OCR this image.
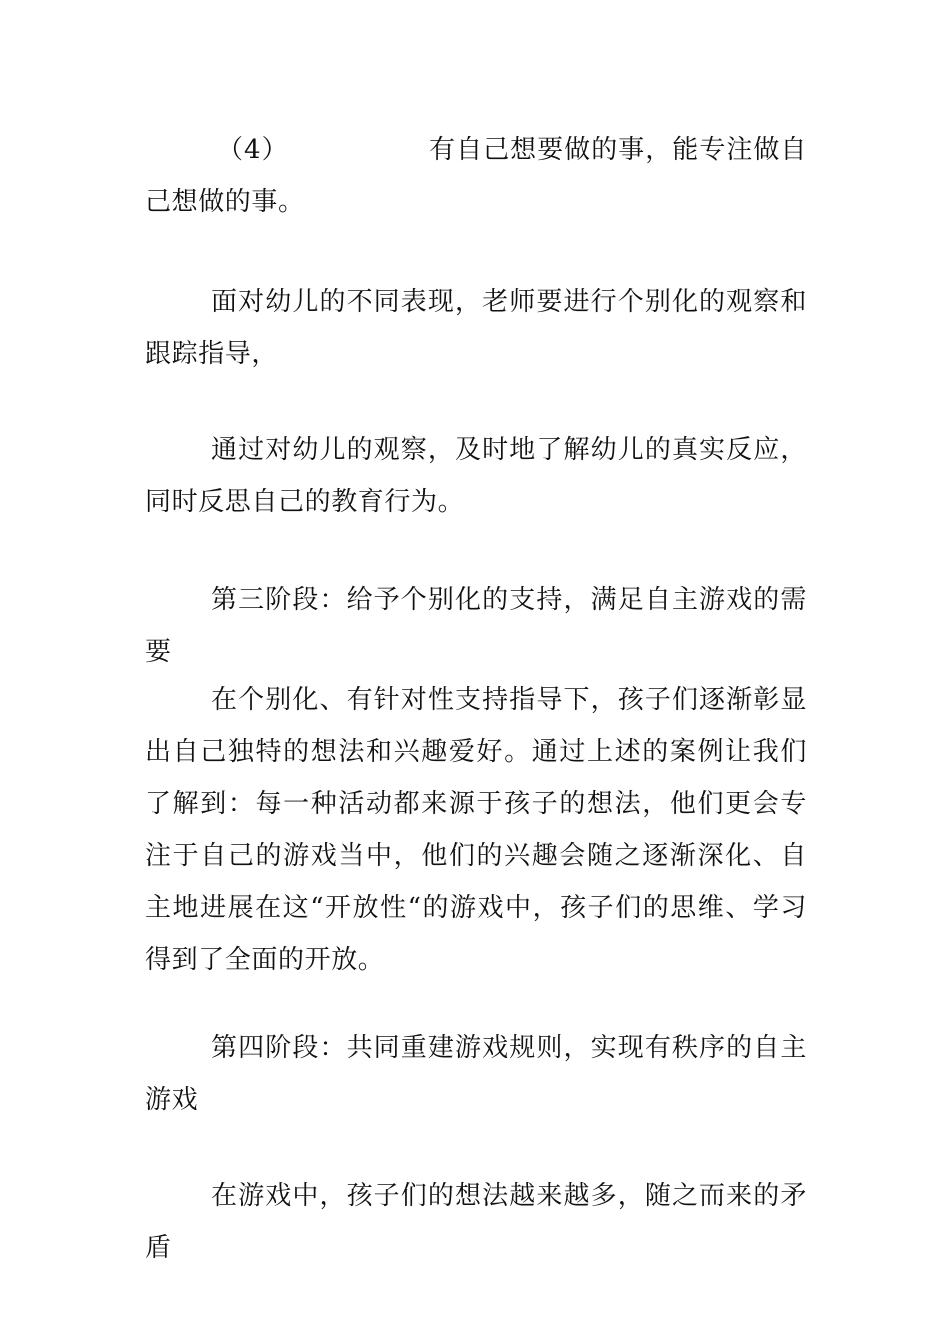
（4）	有自己想要做的事，能专注做自己想做的事。

面对幼儿的不同表现，老师要进行个别化的观察和跟踪指导，

通过对幼儿的观察，及时地了解幼儿的真实反应，同时反思自己的教育行为。

第三阶段：给予个别化的支持，满足自主游戏的需要

在个别化、有针对性支持指导下，孩子们逐渐彰显出自己独特的想法和兴趣爱好。通过上述的案例让我们了解到：每一种活动都来源于孩子的想法，他们更会专注于自己的游戏当中，他们的兴趣会随之逐渐深化、自主地进展在这“开放性“的游戏中，孩子们的思维、学习得到了全面的开放。

第四阶段：共同重建游戏规则，实现有秩序的自主游戏

在游戏中，孩子们的想法越来越多，随之而来的矛盾
